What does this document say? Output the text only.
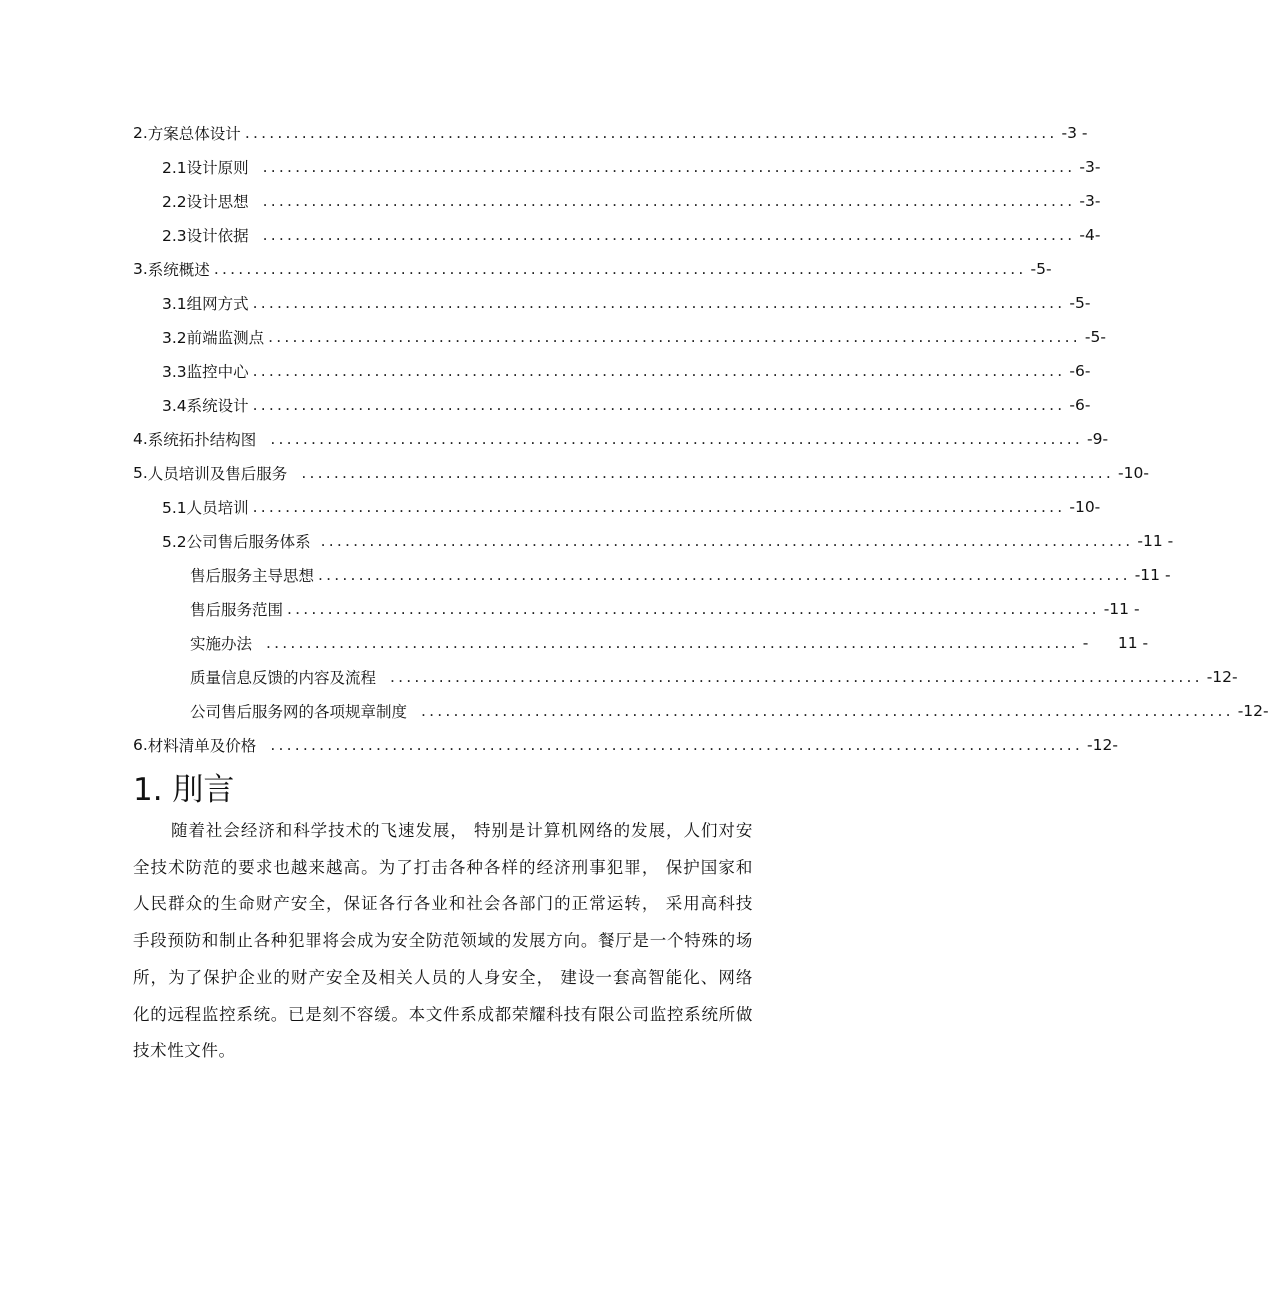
2. 方案总体设计 .................................................................................................... -3 -
2.1设计原则 .................................................................................................... -3-
2.2设计思想 .................................................................................................... -3-
2.3设计依据 .................................................................................................... -4-
3. 系统概述 .................................................................................................... -5-
3.1组网方式 .................................................................................................... -5-
3.2前端监测点 .................................................................................................... -5-
3.3监控中心 .................................................................................................... -6-
3.4系统设计 .................................................................................................... -6-
4. 系统拓扑结构图 .................................................................................................... -9-
5. 人员培训及售后服务 .................................................................................................... -10-
5.1人员培训 .................................................................................................... -10-
5.2公司售后服务体系 .................................................................................................... -11 -
售后服务主导思想 .................................................................................................... -11 -
售后服务范围 .................................................................................................... -11 -
实施办法 .................................................................................................... -      11 -
质量信息反馈的内容及流程 .................................................................................................... -12-
公司售后服务网的各项规章制度 .................................................................................................... -12-
6. 材料清单及价格 .................................................................................................... -12-
1. 刖言

随着社会经济和科学技术的飞速发展， 特别是计算机网络的发展，人们对安全技术防范的要求也越来越高。为了打击各种各样的经济刑事犯罪， 保护国家和人民群众的生命财产安全，保证各行各业和社会各部门的正常运转， 采用高科技手段预防和制止各种犯罪将会成为安全防范领域的发展方向。餐厅是一个特殊的场所，为了保护企业的财产安全及相关人员的人身安全， 建设一套高智能化、网络化的远程监控系统。已是刻不容缓。本文件系成都荣耀科技有限公司监控系统所做技术性文件。
